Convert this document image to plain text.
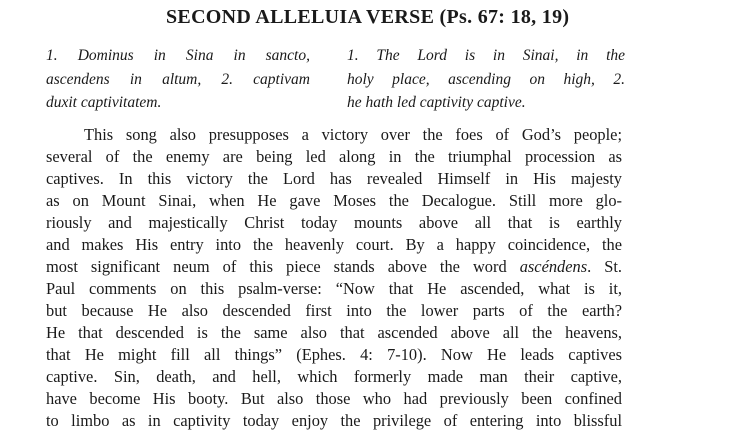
SECOND ALLELUIA VERSE (Ps. 67: 18, 19)
1. Dominus in Sina in sancto,
ascendens in altum, 2. captivam
duxit captivitatem.
1. The Lord is in Sinai, in the
holy place, ascending on high, 2.
he hath led captivity captive.
This song also presupposes a victory over the foes of God’s people;
several of the enemy are being led along in the triumphal procession as
captives. In this victory the Lord has revealed Himself in His majesty
as on Mount Sinai, when He gave Moses the Decalogue. Still more glo-
riously and majestically Christ today mounts above all that is earthly
and makes His entry into the heavenly court. By a happy coincidence, the
most significant neum of this piece stands above the word ascéndens. St.
Paul comments on this psalm-verse: “Now that He ascended, what is it,
but because He also descended first into the lower parts of the earth?
He that descended is the same also that ascended above all the heavens,
that He might fill all things” (Ephes. 4: 7-10). Now He leads captives
captive. Sin, death, and hell, which formerly made man their captive,
have become His booty. But also those who had previously been confined
to limbo as in captivity today enjoy the privilege of entering into blissful
